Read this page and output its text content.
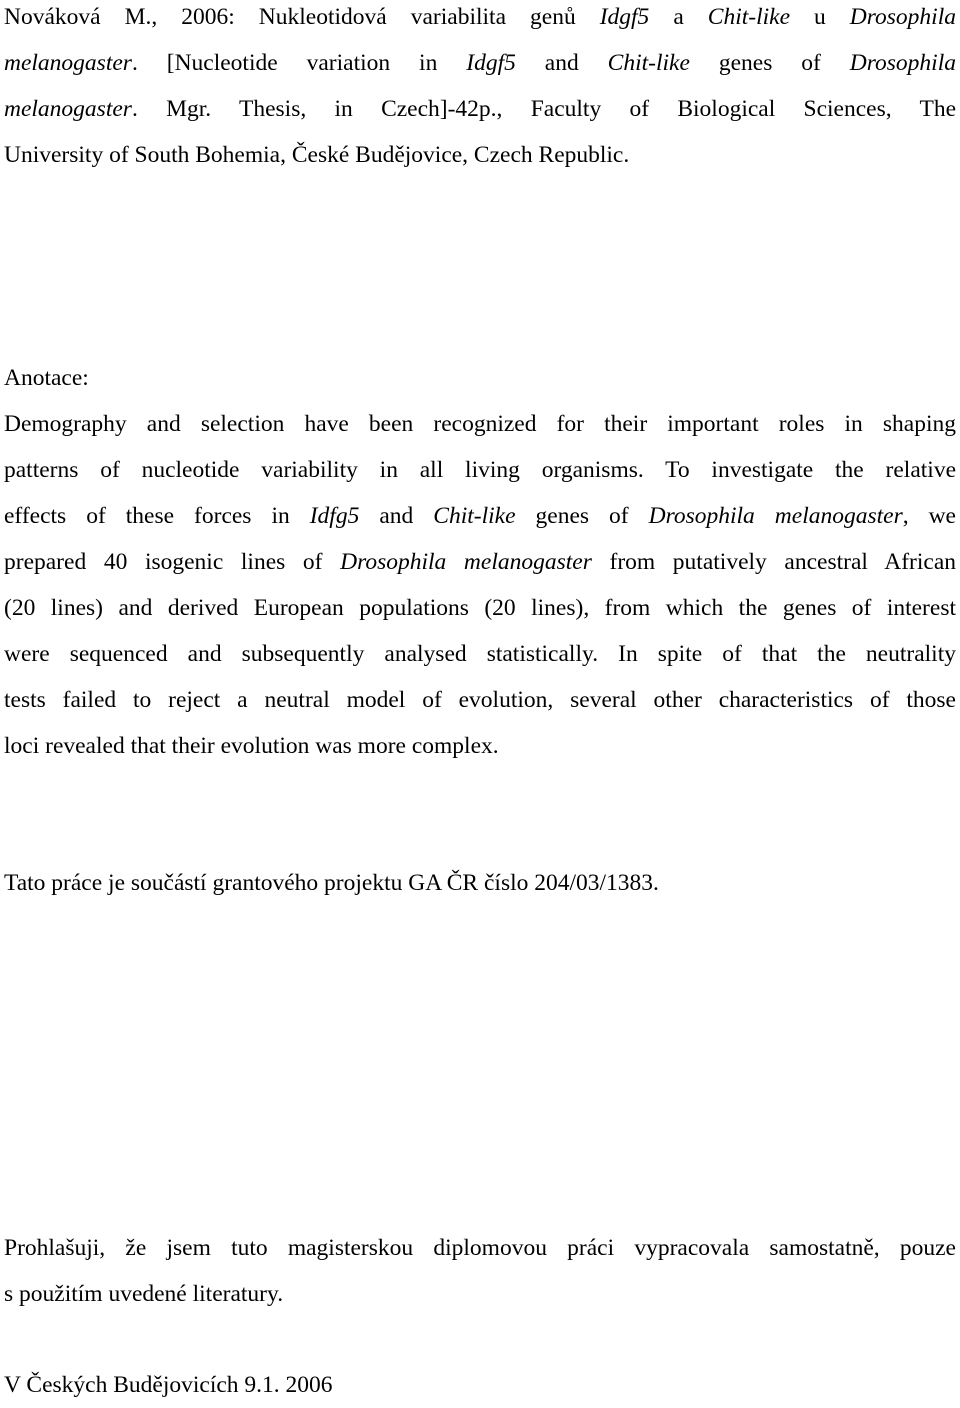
Nováková M., 2006: Nukleotidová variabilita genů Idgf5 a Chit-like u Drosophila
melanogaster. [Nucleotide variation in Idgf5 and Chit-like genes of Drosophila
melanogaster. Mgr. Thesis, in Czech]-42p., Faculty of Biological Sciences, The
University of South Bohemia, České Budějovice, Czech Republic.
Anotace:
Demography and selection have been recognized for their important roles in shaping
patterns of nucleotide variability in all living organisms. To investigate the relative
effects of these forces in Idfg5 and Chit-like genes of Drosophila melanogaster, we
prepared 40 isogenic lines of Drosophila melanogaster from putatively ancestral African
(20 lines) and derived European populations (20 lines), from which the genes of interest
were sequenced and subsequently analysed statistically. In spite of that the neutrality
tests failed to reject a neutral model of evolution, several other characteristics of those
loci revealed that their evolution was more complex.
Tato práce je součástí grantového projektu GA ČR číslo 204/03/1383.
Prohlašuji, že jsem tuto magisterskou diplomovou práci vypracovala samostatně, pouze
s použitím uvedené literatury.
V Českých Budějovicích 9.1. 2006
